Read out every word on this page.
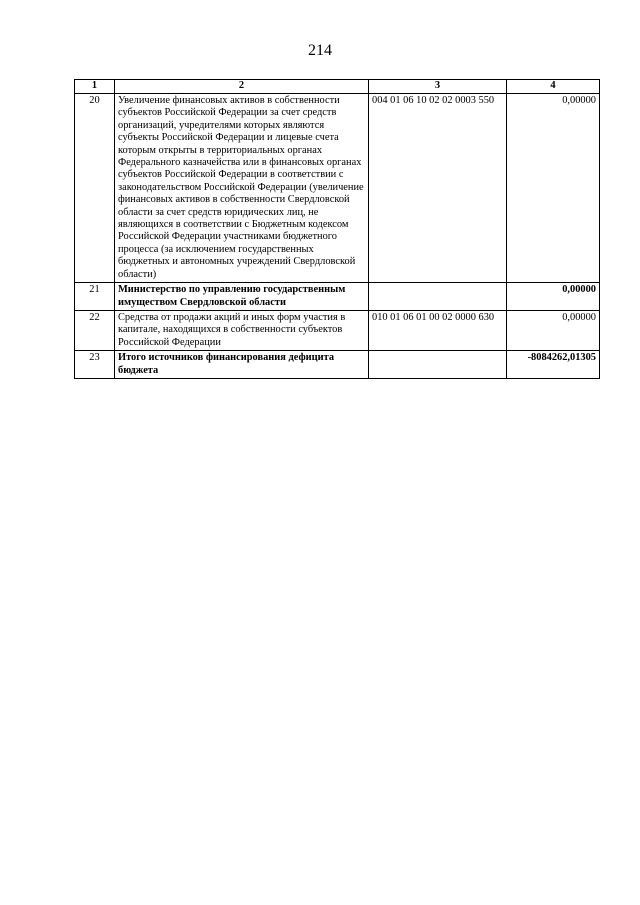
214
1	2	3	4
20	Увеличение финансовых активов в собственности субъектов Российской Федерации за счет средств организаций, учредителями которых являются субъекты Российской Федерации и лицевые счета которым открыты в территориальных органах Федерального казначейства или в финансовых органах субъектов Российской Федерации в соответствии с законодательством Российской Федерации (увеличение финансовых активов в собственности Свердловской области за счет средств юридических лиц, не являющихся в соответствии с Бюджетным кодексом Российской Федерации участниками бюджетного процесса (за исключением государственных бюджетных и автономных учреждений Свердловской области)	004 01 06 10 02 02 0003 550	0,00000
21	Министерство по управлению государственным имуществом Свердловской области		0,00000
22	Средства от продажи акций и иных форм участия в капитале, находящихся в собственности субъектов Российской Федерации	010 01 06 01 00 02 0000 630	0,00000
23	Итого источников финансирования дефицита бюджета		-8084262,01305
